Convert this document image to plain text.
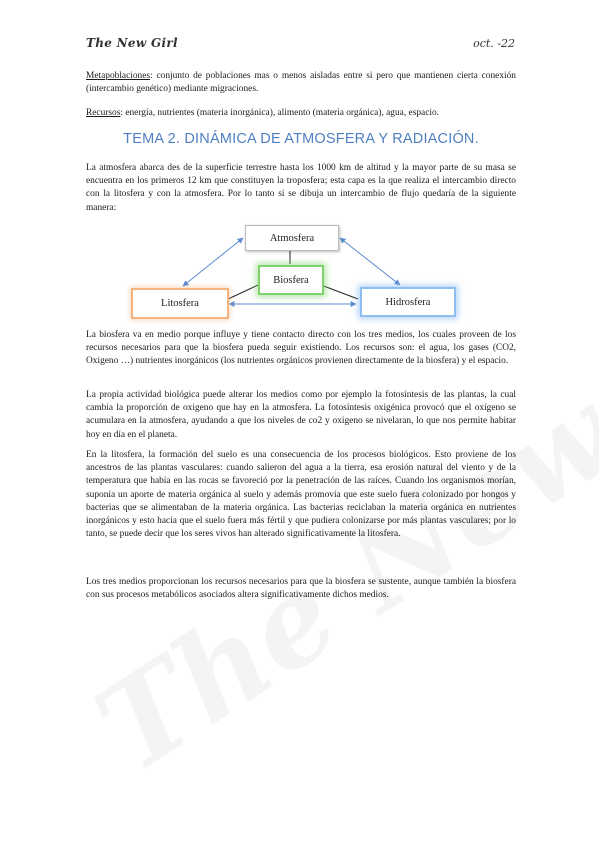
The New Girl	oct. -22

Metapoblaciones: conjunto de poblaciones mas o menos aisladas entre si pero que mantienen cierta conexión (intercambio genético) mediante migraciones.

Recursos: energía, nutrientes (materia inorgánica), alimento (materia orgánica), agua, espacio.

TEMA 2. DINÁMICA DE ATMOSFERA Y RADIACIÓN.

La atmosfera abarca des de la superficie terrestre hasta los 1000 km de altitud y la mayor parte de su masa se encuentra en los primeros 12 km que constituyen la troposfera; esta capa es la que realiza el intercambio directo con la litosfera y con la atmosfera. Por lo tanto si se dibuja un intercambio de flujo quedaría de la siguiente manera:

Atmosfera
Biosfera
Litosfera	Hidrosfera

La biosfera va en medio porque influye y tiene contacto directo con los tres medios, los cuales proveen de los recursos necesarios para que la biosfera pueda seguir existiendo. Los recursos son: el agua, los gases (CO2, Oxigeno …) nutrientes inorgánicos (los nutrientes orgánicos provienen directamente de la biosfera) y el espacio.

La propia actividad biológica puede alterar los medios como por ejemplo la fotosíntesis de las plantas, la cual cambia la proporción de oxigeno que hay en la atmosfera. La fotosíntesis oxigénica provocó que el oxígeno se acumulara en la atmosfera, ayudando a que los niveles de co2 y oxigeno se nivelaran, lo que nos permite habitar hoy en día en el planeta.

En la litosfera, la formación del suelo es una consecuencia de los procesos biológicos. Esto proviene de los ancestros de las plantas vasculares: cuando salieron del agua a la tierra, esa erosión natural del viento y de la temperatura que había en las rocas se favoreció por la penetración de las raíces. Cuando los organismos morían, suponía un aporte de materia orgánica al suelo y además promovía que este suelo fuera colonizado por hongos y bacterias que se alimentaban de la materia orgánica. Las bacterias reciclaban la materia orgánica en nutrientes inorgánicos y esto hacia que el suelo fuera más fértil y que pudiera colonizarse por más plantas vasculares; por lo tanto, se puede decir que los seres vivos han alterado significativamente la litosfera.

Los tres medios proporcionan los recursos necesarios para que la biosfera se sustente, aunque también la biosfera con sus procesos metabólicos asociados altera significativamente dichos medios.
